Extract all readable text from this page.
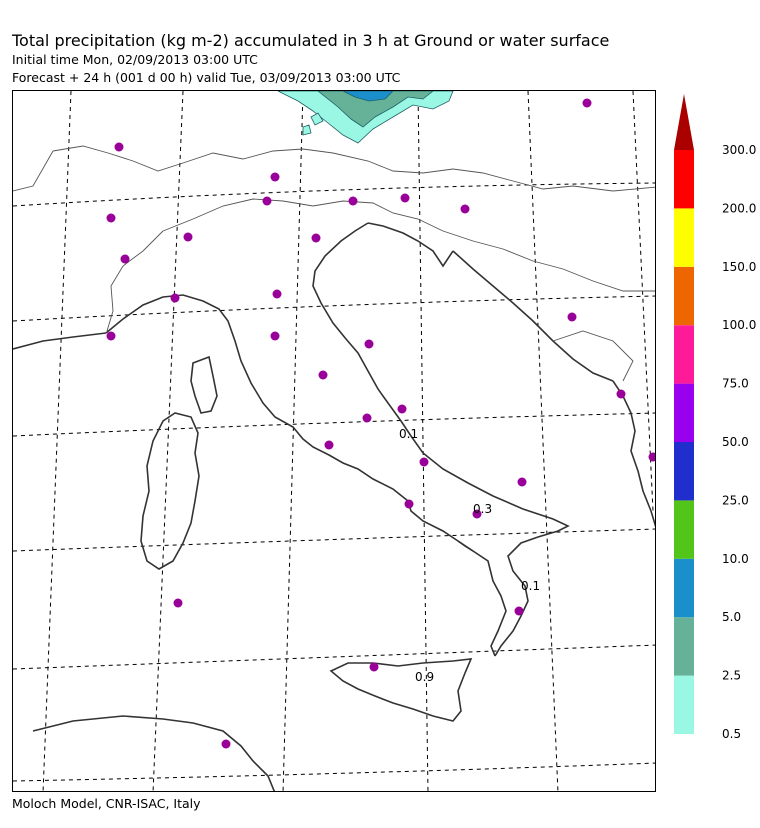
Total precipitation (kg m-2) accumulated in 3 h at Ground or water surface
Initial time Mon, 02/09/2013 03:00 UTC
Forecast + 24 h (001 d 00 h) valid Tue, 03/09/2013 03:00 UTC
0.1
0.3
0.1
0.9
0.5
2.5
5.0
10.0
25.0
50.0
75.0
100.0
150.0
200.0
300.0
Moloch Model, CNR-ISAC, Italy
